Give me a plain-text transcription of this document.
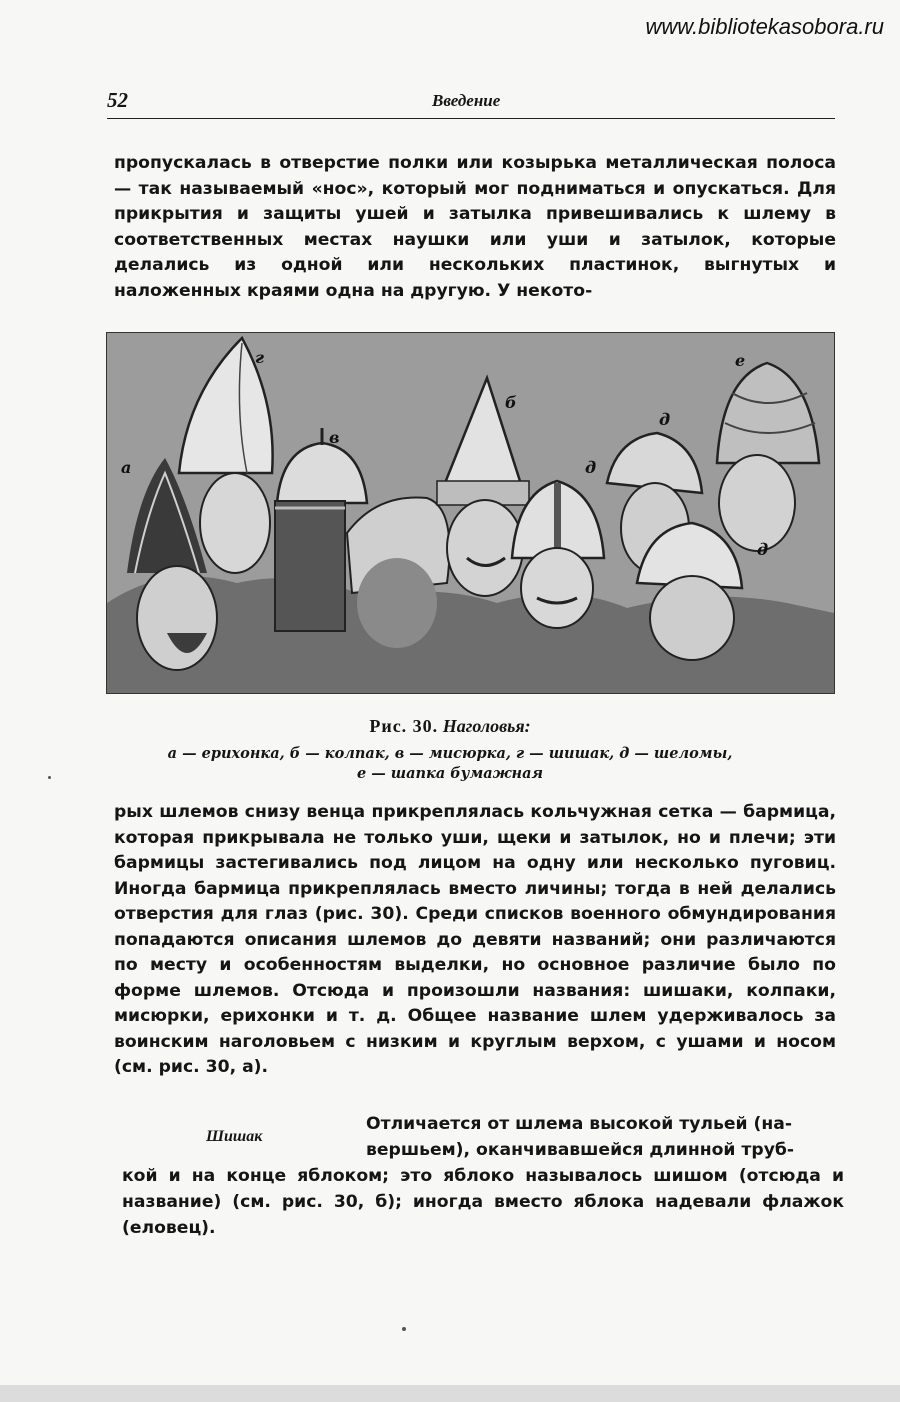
www.bibliotekasobora.ru
52	Введение
пропускалась в отверстие полки или козырька металлическая полоса — так называемый «нос», который мог подниматься и опускаться. Для прикрытия и защиты ушей и затылка привешивались к шлему в соответственных местах наушки или уши и затылок, которые делались из одной или нескольких пластинок, выгнутых и наложенных краями одна на другую. У некото-
а
г
в
б
д
д
е
д
Рис. 30. Наголовья:
а — ерихонка, б — колпак, в — мисюрка, г — шишак, д — шеломы,
е — шапка бумажная
рых шлемов снизу венца прикреплялась кольчужная сетка — бармица, которая прикрывала не только уши, щеки и затылок, но и плечи; эти бармицы застегивались под лицом на одну или несколько пуговиц. Иногда бармица прикреплялась вместо личины; тогда в ней делались отверстия для глаз (рис. 30). Среди списков военного обмундирования попадаются описания шлемов до девяти названий; они различаются по месту и особенностям выделки, но основное различие было по форме шлемов. Отсюда и произошли названия: шишаки, колпаки, мисюрки, ерихонки и т. д. Общее название шлем удерживалось за воинским наголовьем с низким и круглым верхом, с ушами и носом (см. рис. 30, а).
Шишак
Отличается от шлема высокой тульей (на-
вершьем), оканчивавшейся длинной труб-
кой и на конце яблоком; это яблоко называлось шишом (отсюда и название) (см. рис. 30, б); иногда вместо яблока надевали флажок (еловец).
